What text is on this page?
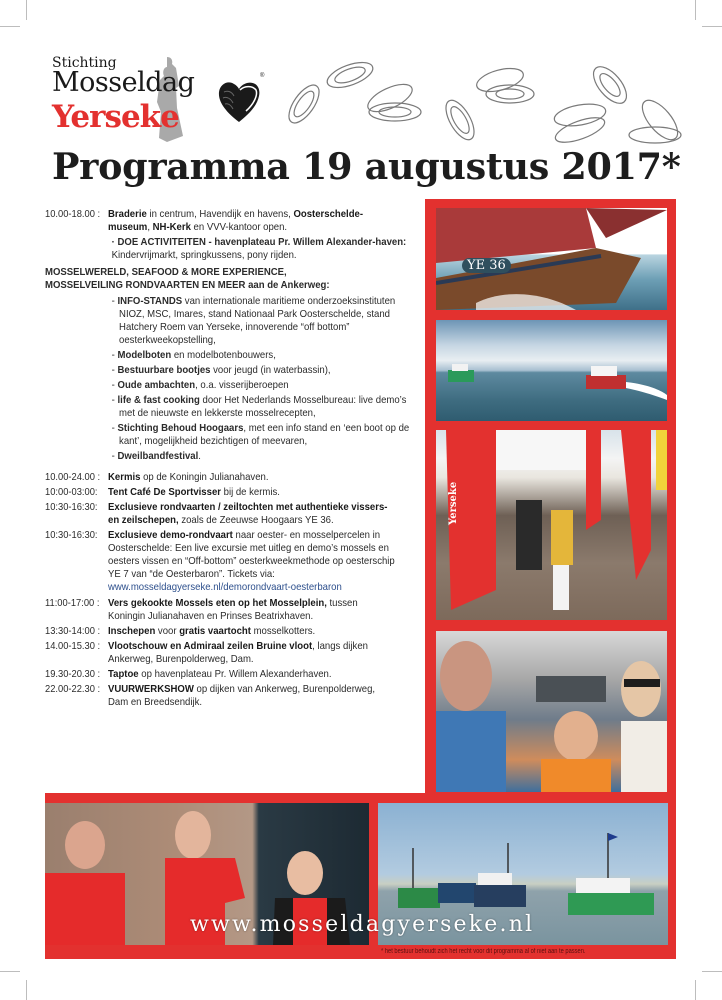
Stichting
Mosseldag
Yerseke
®
Programma 19 augustus 2017*
10.00-18.00 : Braderie in centrum, Havendijk en havens, Oosterschelde-museum, NH-Kerk en VVV-kantoor open.
· DOE ACTIVITEITEN - havenplateau Pr. Willem Alexander-haven: Kindervrijmarkt, springkussens, pony rijden.
MOSSELWERELD, SEAFOOD & MORE EXPERIENCE, MOSSELVEILING RONDVAARTEN EN MEER aan de Ankerweg:
- INFO-STANDS van internationale maritieme onderzoeksinstituten NIOZ, MSC, Imares, stand Nationaal Park Oosterschelde, stand Hatchery Roem van Yerseke, innoverende “off bottom” oesterkweekopstelling,
- Modelboten en modelbotenbouwers,
- Bestuurbare bootjes voor jeugd (in waterbassin),
- Oude ambachten, o.a. visserijberoepen
- life & fast cooking door Het Nederlands Mosselbureau: live demo’s met de nieuwste en lekkerste mosselrecepten,
- Stichting Behoud Hoogaars, met een info stand en ‘een boot op de kant’, mogelijkheid bezichtigen of meevaren,
- Dweilbandfestival.
10.00-24.00 : Kermis op de Koningin Julianahaven.
10:00-03:00:	Tent Café De Sportvisser bij de kermis.
10:30-16:30:	Exclusieve rondvaarten / zeiltochten met authentieke vissers- en zeilschepen, zoals de Zeeuwse Hoogaars YE 36.
10:30-16:30:	Exclusieve demo-rondvaart naar oester- en mosselpercelen in Oosterschelde: Een live excursie met uitleg en demo’s mossels en oesters vissen en “Off-bottom” oesterkweekmethode op oesterschip YE 7 van “de Oesterbaron”. Tickets via:
www.mosseldagyerseke.nl/demorondvaart-oesterbaron
11:00-17:00 : Vers gekookte Mossels eten op het Mosselplein, tussen Koningin Julianahaven en Prinses Beatrixhaven.
13:30-14:00 : Inschepen voor gratis vaartocht mosselkotters.
14.00-15.30 : Vlootschouw en Admiraal zeilen Bruine vloot, langs dijken Ankerweg, Burenpolderweg, Dam.
19.30-20.30 : Taptoe op havenplateau Pr. Willem Alexanderhaven.
22.00-22.30 : VUURWERKSHOW op dijken van Ankerweg, Burenpolderweg, Dam en Breedsendijk.
YE 36
Yerseke
www.mosseldagyerseke.nl
* het bestuur behoudt zich het recht voor dit programma al of niet aan te passen.
